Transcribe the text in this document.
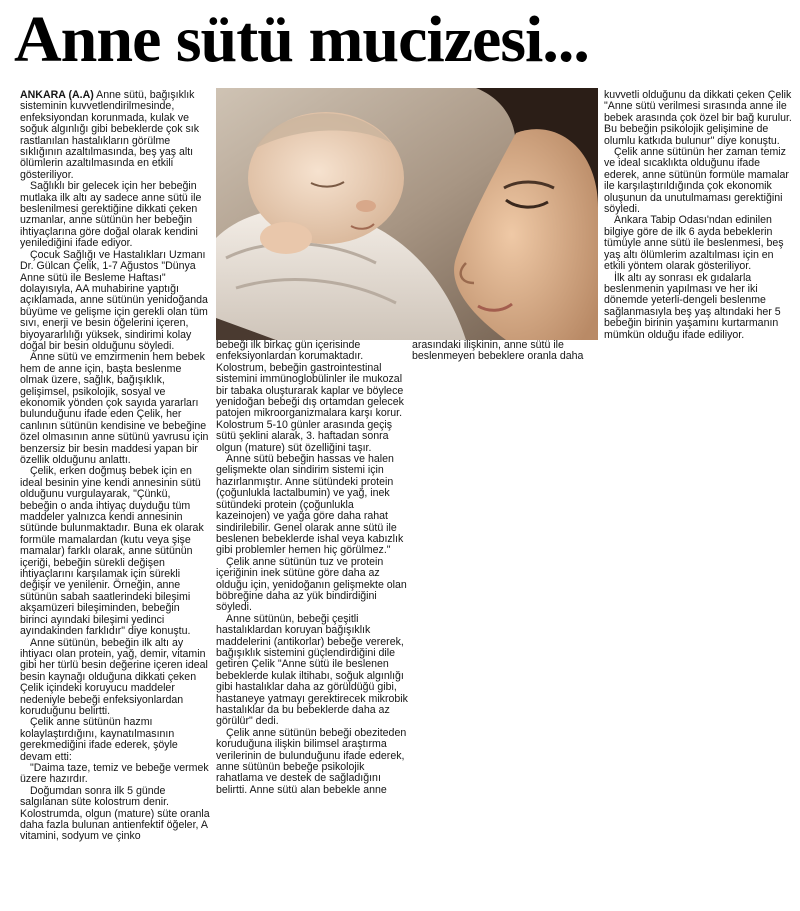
Anne sütü mucizesi...

ANKARA (A.A) Anne sütü, bağışıklık sisteminin kuvvetlendirilmesinde, enfeksiyondan korunmada, kulak ve soğuk algınlığı gibi bebeklerde çok sık rastlanılan hastalıkların görülme sıklığının azaltılmasında, beş yaş altı ölümlerin azaltılmasında en etkili gösteriliyor.

Sağlıklı bir gelecek için her bebeğin mutlaka ilk altı ay sadece anne sütü ile beslenilmesi gerektiğine dikkati çeken uzmanlar, anne sütünün her bebeğin ihtiyaçlarına göre doğal olarak kendini yenilediğini ifade ediyor.

Çocuk Sağlığı ve Hastalıkları Uzmanı Dr. Gülcan Çelik, 1-7 Ağustos "Dünya Anne sütü ile Besleme Haftası" dolayısıyla, AA muhabirine yaptığı açıklamada, anne sütünün yenidoğanda büyüme ve gelişme için gerekli olan tüm sıvı, enerji ve besin öğelerini içeren, biyoyararlılığı yüksek, sindirimi kolay doğal bir besin olduğunu söyledi.

Anne sütü ve emzirmenin hem bebek hem de anne için, başta beslenme olmak üzere, sağlık, bağışıklık, gelişimsel, psikolojik, sosyal ve ekonomik yönden çok sayıda yararları bulunduğunu ifade eden Çelik, her canlının sütünün kendisine ve bebeğine özel olmasının anne sütünü yavrusu için benzersiz bir besin maddesi yapan bir özellik olduğunu anlattı.

Çelik, erken doğmuş bebek için en ideal besinin yine kendi annesinin sütü olduğunu vurgulayarak, "Çünkü, bebeğin o anda ihtiyaç duyduğu tüm maddeler yalnızca kendi annesinin sütünde bulunmaktadır. Buna ek olarak formüle mamalardan (kutu veya şişe mamalar) farklı olarak, anne sütünün içeriği, bebeğin sürekli değişen ihtiyaçlarını karşılamak için sürekli değişir ve yenilenir. Örneğin, anne sütünün sabah saatlerindeki bileşimi akşamüzeri bileşiminden, bebeğin birinci ayındaki bileşimi yedinci ayındakinden farklıdır" diye konuştu.

Anne sütünün, bebeğin ilk altı ay ihtiyacı olan protein, yağ, demir, vitamin gibi her türlü besin değerine içeren ideal besin kaynağı olduğuna dikkati çeken Çelik içindeki koruyucu maddeler nedeniyle bebeği enfeksiyonlardan koruduğunu belirtti.

Çelik anne sütünün hazmı kolaylaştırdığını, kaynatılmasının gerekmediğini ifade ederek, şöyle devam etti:

"Daima taze, temiz ve bebeğe vermek üzere hazırdır.

Doğumdan sonra ilk 5 günde salgılanan süte kolostrum denir. Kolostrumda, olgun (mature) süte oranla daha fazla bulunan antienfektif öğeler, A vitamini, sodyum ve çinko

bebeği ilk birkaç gün içerisinde enfeksiyonlardan korumaktadır. Kolostrum, bebeğin gastrointestinal sistemini immünoglobülinler ile mukozal bir tabaka oluşturarak kaplar ve böylece yenidoğan bebeği dış ortamdan gelecek patojen mikroorganizmalara karşı korur. Kolostrum 5-10 günler arasında geçiş sütü şeklini alarak, 3. haftadan sonra olgun (mature) süt özelliğini taşır.

Anne sütü bebeğin hassas ve halen gelişmekte olan sindirim sistemi için hazırlanmıştır. Anne sütündeki protein (çoğunlukla lactalbumin) ve yağ, inek sütündeki protein (çoğunlukla kazeinojen) ve yağa göre daha rahat sindirilebilir. Genel olarak anne sütü ile beslenen bebeklerde ishal veya kabızlık gibi problemler hemen hiç görülmez."

Çelik anne sütünün tuz ve protein içeriğinin inek sütüne göre daha az olduğu için, yenidoğanın gelişmekte olan böbreğine daha az yük bindirdiğini söyledi.

Anne sütünün, bebeği çeşitli hastalıklardan koruyan bağışıklık maddelerini (antikorlar) bebeğe vererek, bağışıklık sistemini güçlendirdiğini dile getiren Çelik "Anne sütü ile beslenen bebeklerde kulak iltihabı, soğuk algınlığı gibi hastalıklar daha az görüldüğü gibi, hastaneye yatmayı gerektirecek mikrobik hastalıklar da bu bebeklerde daha az görülür" dedi.

Çelik anne sütünün bebeği obeziteden koruduğuna ilişkin bilimsel araştırma verilerinin de bulunduğunu ifade ederek, anne sütünün bebeğe psikolojik rahatlama ve destek de sağladığını belirtti. Anne sütü alan bebekle anne

arasındaki ilişkinin, anne sütü ile beslenmeyen bebeklere oranla daha

kuvvetli olduğunu da dikkati çeken Çelik "Anne sütü verilmesi sırasında anne ile bebek arasında çok özel bir bağ kurulur. Bu bebeğin psikolojik gelişimine de olumlu katkıda bulunur" diye konuştu.

Çelik anne sütünün her zaman temiz ve ideal sıcaklıkta olduğunu ifade ederek, anne sütünün formüle mamalar ile karşılaştırıldığında çok ekonomik oluşunun da unutulmaması gerektiğini söyledi.

Ankara Tabip Odası'ndan edinilen bilgiye göre de ilk 6 ayda bebeklerin tümüyle anne sütü ile beslenmesi, beş yaş altı ölümlerim azaltılması için en etkili yöntem olarak gösteriliyor.

İlk altı ay sonrası ek gıdalarla beslenmenin yapılması ve her iki dönemde yeterli-dengeli beslenme sağlanmasıyla beş yaş altındaki her 5 bebeğin birinin yaşamını kurtarmanın mümkün olduğu ifade ediliyor.
